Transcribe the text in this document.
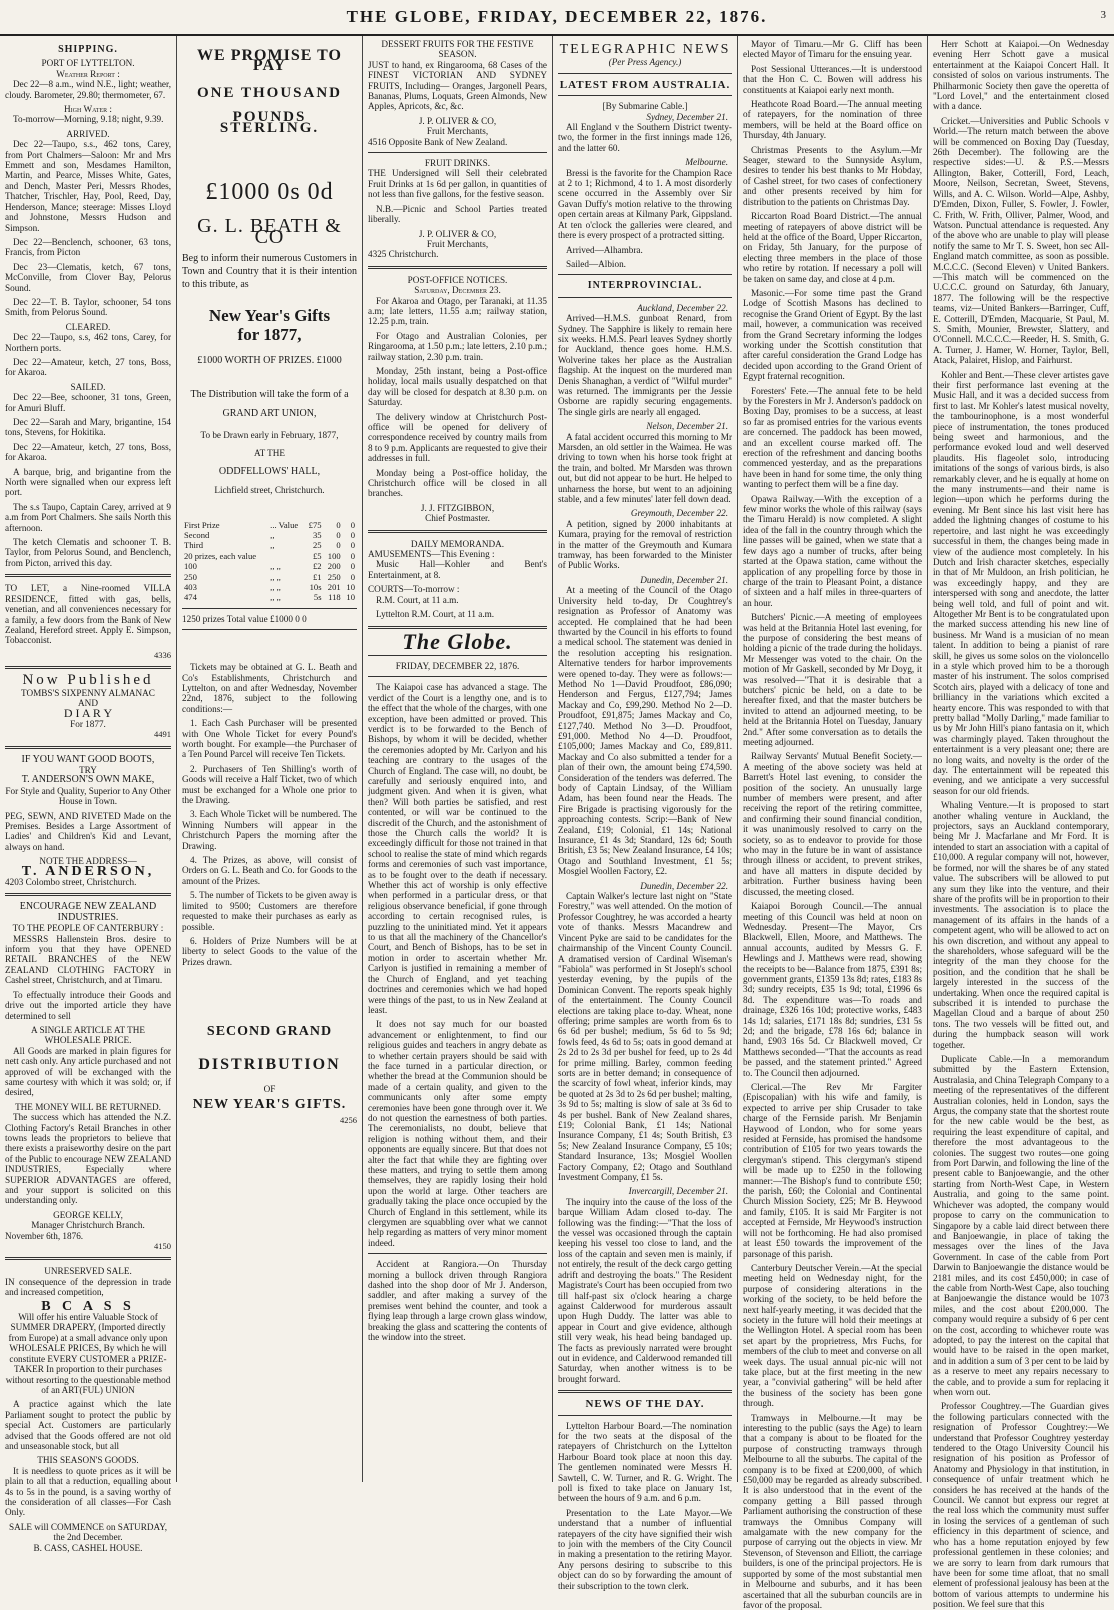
THE GLOBE, FRIDAY, DECEMBER 22, 1876.	3
SHIPPING.
PORT OF LYTTELTON.
Weather Report :

Dec 22—8 a.m., wind N.E., light; weather, cloudy. Barometer, 29.80; thermometer, 67.

High Water :

To-morrow—Morning, 9.18; night, 9.39.

ARRIVED.

Dec 22—Taupo, s.s., 462 tons, Carey, from Port Chalmers—Saloon: Mr and Mrs Emmett and son, Mesdames Hamilton, Martin, and Pearce, Misses White, Gates, and Dench, Master Peri, Messrs Rhodes, Thatcher, Trischler, Hay, Pool, Reed, Day, Henderson, Mance; steerage: Misses Lloyd and Johnstone, Messrs Hudson and Simpson.

Dec 22—Benclench, schooner, 63 tons, Francis, from Picton

Dec 23—Clematis, ketch, 67 tons, McConville, from Clover Bay, Pelorus Sound.

Dec 22—T. B. Taylor, schooner, 54 tons Smith, from Pelorus Sound.

CLEARED.

Dec 22—Taupo, s.s, 462 tons, Carey, for Northern ports.

Dec 22—Amateur, ketch, 27 tons, Boss, for Akaroa.

SAILED.

Dec 22—Bee, schooner, 31 tons, Green, for Amuri Bluff.

Dec 22—Sarah and Mary, brigantine, 154 tons, Stevens, for Hokitika.

Dec 22—Amateur, ketch, 27 tons, Boss, for Akaroa.

A barque, brig, and brigantine from the North were signalled when our express left port.

The s.s Taupo, Captain Carey, arrived at 9 a.m from Port Chalmers. She sails North this afternoon.

The ketch Clematis and schooner T. B. Taylor, from Pelorus Sound, and Benclench, from Picton, arrived this day.

TO LET, a Nine-roomed VILLA RESIDENCE, fitted with gas, bells, venetian, and all conveniences necessary for a family, a few doors from the Bank of New Zealand, Hereford street. Apply E. Simpson, Tobacconist.

4336
Now Published
TOMBS'S SIXPENNY ALMANAC
AND
D I A R Y
For 1877.
4491
IF YOU WANT GOOD BOOTS,
TRY
T. ANDERSON'S OWN MAKE,

For Style and Quality, Superior to Any Other House in Town.

PEG, SEWN, AND RIVETED Made on the Premises. Besides a Large Assortment of Ladies' and Children's Kid and Levant, always on hand.

NOTE THE ADDRESS—
T. ANDERSON,
4203 Colombo street, Christchurch.
ENCOURAGE NEW ZEALAND INDUSTRIES.
TO THE PEOPLE OF CANTERBURY :

MESSRS Hallenstein Bros. desire to inform you that they have OPENED RETAIL BRANCHES of the NEW ZEALAND CLOTHING FACTORY in Cashel street, Christchurch, and at Timaru.

To effectually introduce their Goods and drive out the imported article they have determined to sell

A SINGLE ARTICLE AT THE WHOLESALE PRICE.

All Goods are marked in plain figures for nett cash only. Any article purchased and not approved of will be exchanged with the same courtesy with which it was sold; or, if desired,

THE MONEY WILL BE RETURNED.

The success which has attended the N.Z. Clothing Factory's Retail Branches in other towns leads the proprietors to believe that there exists a praiseworthy desire on the part of the Public to encourage NEW ZEALAND INDUSTRIES, Especially where SUPERIOR ADVANTAGES are offered, and your support is solicited on this understanding only.

GEORGE KELLY,
Manager Christchurch Branch.
November 6th, 1876.
4150
UNRESERVED SALE.

IN consequence of the depression in trade and increased competition,

B C A S S

Will offer his entire Valuable Stock of SUMMER DRAPERY, (Imported directly from Europe) at a small advance only upon WHOLESALE PRICES, By which he will constitute EVERY CUSTOMER a PRIZE-TAKER In proportion to their purchases without resorting to the questionable method of an ART(FUL) UNION

A practice against which the late Parliament sought to protect the public by special Act. Customers are particularly advised that the Goods offered are not old and unseasonable stock, but all

THIS SEASON'S GOODS.

It is needless to quote prices as it will be plain to all that a reduction, equalling about 4s to 5s in the pound, is a saving worthy of the consideration of all classes—For Cash Only.

SALE will COMMENCE on SATURDAY, the 2nd December.
B. CASS, CASHEL HOUSE.
WE PROMISE TO PAY
ONE THOUSAND
POUNDS STERLING.
£1000 0s 0d
G. L. BEATH & CO

Beg to inform their numerous Customers in Town and Country that it is their intention to this tribute, as

New Year's Gifts
for 1877,
£1000 WORTH OF PRIZES. £1000

The Distribution will take the form of a

GRAND ART UNION,
To be Drawn early in February, 1877,
AT THE
ODDFELLOWS' HALL,
Lichfield street, Christchurch.
First Prize	... Value	£75	0	0
Second	,,	35	0	0
Third	,,	25	0	0
20 prizes, each value		£5	100	0
100	,, ,,	£2	200	0
250	,, ,,	£1	250	0
403	,, ,,	10s	201	10
474	,, ,,	5s	118	10
1250 prizes Total value £1000 0 0

Tickets may be obtained at G. L. Beath and Co's Establishments, Christchurch and Lyttelton, on and after Wednesday, November 22nd, 1876, subject to the following conditions:—

1. Each Cash Purchaser will be presented with One Whole Ticket for every Pound's worth bought. For example—the Purchaser of a Ten Pound Parcel will receive Ten Tickets.

2. Purchasers of Ten Shilling's worth of Goods will receive a Half Ticket, two of which must be exchanged for a Whole one prior to the Drawing.

3. Each Whole Ticket will be numbered. The Winning Numbers will appear in the Christchurch Papers the morning after the Drawing.

4. The Prizes, as above, will consist of Orders on G. L. Beath and Co. for Goods to the amount of the Prizes.

5. The number of Tickets to be given away is limited to 9500; Customers are therefore requested to make their purchases as early as possible.

6. Holders of Prize Numbers will be at liberty to select Goods to the value of the Prizes drawn.

SECOND GRAND
DISTRIBUTION
OF
NEW YEAR'S GIFTS.
4256
DESSERT FRUITS FOR THE FESTIVE SEASON.

JUST to hand, ex Ringarooma, 68 Cases of the FINEST VICTORIAN AND SYDNEY FRUITS, Including— Oranges, Jargonell Pears, Bananas, Plums, Loquats, Green Almonds, New Apples, Apricots, &c, &c.

J. P. OLIVER & CO,
Fruit Merchants,
4516 Opposite Bank of New Zealand.
FRUIT DRINKS.

THE Undersigned will Sell their celebrated Fruit Drinks at 1s 6d per gallon, in quantities of not less than five gallons, for the festive season.

N.B.—Picnic and School Parties treated liberally.

J. P. OLIVER & CO,
Fruit Merchants,
4325 Christchurch.
POST-OFFICE NOTICES.
Saturday, December 23.

For Akaroa and Otago, per Taranaki, at 11.35 a.m; late letters, 11.55 a.m; railway station, 12.25 p.m, train.

For Otago and Australian Colonies, per Ringarooma, at 1.50 p.m.; late letters, 2.10 p.m.; railway station, 2.30 p.m. train.

Monday, 25th instant, being a Post-office holiday, local mails usually despatched on that day will be closed for despatch at 8.30 p.m. on Saturday.

The delivery window at Christchurch Post-office will be opened for delivery of correspondence received by country mails from 8 to 9 p.m. Applicants are requested to give their addresses in full.

Monday being a Post-office holiday, the Christchurch office will be closed in all branches.

J. J. FITZGIBBON,
Chief Postmaster.
DAILY MEMORANDA.
AMUSEMENTS—This Evening :

Music Hall—Kohler and Bent's Entertainment, at 8.

COURTS—To-morrow :

R.M. Court, at 11 a.m.

Lyttelton R.M. Court, at 11 a.m.

The Globe.
FRIDAY, DECEMBER 22, 1876.

The Kaiapoi case has advanced a stage. The verdict of the Court is a lengthy one, and is to the effect that the whole of the charges, with one exception, have been admitted or proved. This verdict is to be forwarded to the Bench of Bishops, by whom it will be decided, whether the ceremonies adopted by Mr. Carlyon and his teaching are contrary to the usages of the Church of England. The case will, no doubt, be carefully and seriously enquired into, and judgment given. And when it is given, what then? Will both parties be satisfied, and rest contented, or will war be continued to the discredit of the Church, and the astonishment of those the Church calls the world? It is exceedingly difficult for those not trained in that school to realise the state of mind which regards forms and ceremonies of such vast importance, as to be fought over to the death if necessary. Whether this act of worship is only effective when performed in a particular dress, or that religious observance beneficial, if gone through according to certain recognised rules, is puzzling to the uninitiated mind. Yet it appears to us that all the machinery of the Chancellor's Court, and Bench of Bishops, has to be set in motion in order to ascertain whether Mr. Carlyon is justified in remaining a member of the Church of England, and yet teaching doctrines and ceremonies which we had hoped were things of the past, to us in New Zealand at least.

It does not say much for our boasted advancement or enlightenment, to find our religious guides and teachers in angry debate as to whether certain prayers should be said with the face turned in a particular direction, or whether the bread at the Communion should be made of a certain quality, and given to the communicants only after some empty ceremonies have been gone through over it. We do not question the earnestness of both parties. The ceremonialists, no doubt, believe that religion is nothing without them, and their opponents are equally sincere. But that does not alter the fact that while they are fighting over these matters, and trying to settle them among themselves, they are rapidly losing their hold upon the world at large. Other teachers are gradually taking the place once occupied by the Church of England in this settlement, while its clergymen are squabbling over what we cannot help regarding as matters of very minor moment indeed.

Accident at Rangiora.—On Thursday morning a bullock driven through Rangiora dashed into the shop door of Mr J. Anderson, saddler, and after making a survey of the premises went behind the counter, and took a flying leap through a large crown glass window, breaking the glass and scattering the contents of the window into the street.

TELEGRAPHIC NEWS
(Per Press Agency.)
LATEST FROM AUSTRALIA.
[By Submarine Cable.]
Sydney, December 21.

All England v the Southern District twenty-two, the former in the first innings made 126, and the latter 60.

Melbourne.

Bressi is the favorite for the Champion Race at 2 to 1; Richmond, 4 to 1. A most disorderly scene occurred in the Assembly over Sir Gavan Duffy's motion relative to the throwing open certain areas at Kilmany Park, Gippsland. At ten o'clock the galleries were cleared, and there is every prospect of a protracted sitting.

Arrived—Alhambra.

Sailed—Albion.

INTERPROVINCIAL.
Auckland, December 22.

Arrived—H.M.S. gunboat Renard, from Sydney. The Sapphire is likely to remain here six weeks. H.M.S. Pearl leaves Sydney shortly for Auckland, thence goes home. H.M.S. Wolverine takes her place as the Australian flagship. At the inquest on the murdered man Denis Shanaghan, a verdict of "Wilful murder" was returned. The immigrants per the Jessie Osborne are rapidly securing engagements. The single girls are nearly all engaged.

Nelson, December 21.

A fatal accident occurred this morning to Mr Marsden, an old settler in the Waimea. He was driving to town when his horse took fright at the train, and bolted. Mr Marsden was thrown out, but did not appear to be hurt. He helped to unharness the horse, but went to an adjoining stable, and a few minutes' later fell down dead.

Greymouth, December 22.

A petition, signed by 2000 inhabitants at Kumara, praying for the removal of restriction in the matter of the Greymouth and Kumara tramway, has been forwarded to the Minister of Public Works.

Dunedin, December 21.

At a meeting of the Council of the Otago University held to-day, Dr Coughtrey's resignation as Professor of Anatomy was accepted. He complained that he had been thwarted by the Council in his efforts to found a medical school. The statement was denied in the resolution accepting his resignation. Alternative tenders for harbor improvements were opened to-day. They were as follows:—Method No 1—David Proudfoot, £86,090; Henderson and Fergus, £127,794; James Mackay and Co, £99,290. Method No 2—D. Proudfoot, £91,875; James Mackay and Co, £127,740. Method No 3—D. Proudfoot, £91,000. Method No 4—D. Proudfoot, £105,000; James Mackay and Co, £89,811. Mackay and Co also submitted a tender for a plan of their own, the amount being £74,590. Consideration of the tenders was deferred. The body of Captain Lindsay, of the William Adam, has been found near the Heads. The Fire Brigade is practising vigorously for the approaching contests. Scrip:—Bank of New Zealand, £19; Colonial, £1 14s; National Insurance, £1 4s 3d; Standard, 12s 6d; South British, £3 5s; New Zealand Insurance, £4 10s; Otago and Southland Investment, £1 5s; Mosgiel Woollen Factory, £2.

Dunedin, December 22.

Captain Walker's lecture last night on "State Forestry," was well attended. On the motion of Professor Coughtrey, he was accorded a hearty vote of thanks. Messrs Macandrew and Vincent Pyke are said to be candidates for the chairmanship of the Vincent County Council. A dramatised version of Cardinal Wiseman's "Fabiola" was performed in St Joseph's school yesterday evening, by the pupils of the Dominican Convent. The reports speak highly of the entertainment. The County Council elections are taking place to-day. Wheat, none offering; prime samples are worth from 6s to 6s 6d per bushel; medium, 5s 6d to 5s 9d; fowls feed, 4s 6d to 5s; oats in good demand at 2s 2d to 2s 3d per bushel for feed, up to 2s 4d for prime milling. Barley, common feeding sorts are in better demand; in consequence of the scarcity of fowl wheat, inferior kinds, may be quoted at 2s 3d to 2s 6d per bushel; malting, 3s 9d to 5s; malting is slow of sale at 3s 6d to 4s per bushel. Bank of New Zealand shares, £19; Colonial Bank, £1 14s; National Insurance Company, £1 4s; South British, £3 5s; New Zealand Insurance Company, £5 10s; Standard Insurance, 13s; Mosgiel Woollen Factory Company, £2; Otago and Southland Investment Company, £1 5s.

Invercargill, December 21.

The inquiry into the cause of the loss of the barque William Adam closed to-day. The following was the finding:—"That the loss of the vessel was occasioned through the captain keeping his vessel too close to land, and the loss of the captain and seven men is mainly, if not entirely, the result of the deck cargo getting adrift and destroying the boats." The Resident Magistrate's Court has been occupied from two till half-past six o'clock hearing a charge against Calderwood for murderous assault upon Hugh Duddy. The latter was able to appear in Court and give evidence, although still very weak, his head being bandaged up. The facts as previously narrated were brought out in evidence, and Calderwood remanded till Saturday, when another witness is to be brought forward.

NEWS OF THE DAY.

Lyttelton Harbour Board.—The nomination for the two seats at the disposal of the ratepayers of Christchurch on the Lyttelton Harbour Board took place at noon this day. The gentlemen nominated were Messrs H. Sawtell, C. W. Turner, and R. G. Wright. The poll is fixed to take place on January 1st, between the hours of 9 a.m. and 6 p.m.

Presentation to the Late Mayor.—We understand that a number of influential ratepayers of the city have signified their wish to join with the members of the City Council in making a presentation to the retiring Mayor. Any persons desiring to subscribe to this object can do so by forwarding the amount of their subscription to the town clerk.

Mayor of Timaru.—Mr G. Cliff has been elected Mayor of Timaru for the ensuing year.

Post Sessional Utterances.—It is understood that the Hon C. C. Bowen will address his constituents at Kaiapoi early next month.

Heathcote Road Board.—The annual meeting of ratepayers, for the nomination of three members, will be held at the Board office on Thursday, 4th January.

Christmas Presents to the Asylum.—Mr Seager, steward to the Sunnyside Asylum, desires to tender his best thanks to Mr Hobday, of Cashel street, for two cases of confectionery and other presents received by him for distribution to the patients on Christmas Day.

Riccarton Road Board District.—The annual meeting of ratepayers of above district will be held at the office of the Board, Upper Riccarton, on Friday, 5th January, for the purpose of electing three members in the place of those who retire by rotation. If necessary a poll will be taken on same day, and close at 4 p.m.

Masonic.—For some time past the Grand Lodge of Scottish Masons has declined to recognise the Grand Orient of Egypt. By the last mail, however, a communication was received from the Grand Secretary informing the lodges working under the Scottish constitution that after careful consideration the Grand Lodge has decided upon according to the Grand Orient of Egypt fraternal recognition.

Foresters' Fete.—The annual fete to be held by the Foresters in Mr J. Anderson's paddock on Boxing Day, promises to be a success, at least so far as promised entries for the various events are concerned. The paddock has been mowed, and an excellent course marked off. The erection of the refreshment and dancing booths commenced yesterday, and as the preparations have been in hand for some time, the only thing wanting to perfect them will be a fine day.

Opawa Railway.—With the exception of a few minor works the whole of this railway (says the Timaru Herald) is now completed. A slight idea of the fall in the country through which the line passes will be gained, when we state that a few days ago a number of trucks, after being started at the Opawa station, came without the application of any propelling force by those in charge of the train to Pleasant Point, a distance of sixteen and a half miles in three-quarters of an hour.

Butchers' Picnic.—A meeting of employees was held at the Britannia Hotel last evening, for the purpose of considering the best means of holding a picnic of the trade during the holidays. Mr Messenger was voted to the chair. On the motion of Mr Gaskell, seconded by Mr Doyg, it was resolved—"That it is desirable that a butchers' picnic be held, on a date to be hereafter fixed, and that the master butchers be invited to attend an adjourned meeting, to be held at the Britannia Hotel on Tuesday, January 2nd." After some conversation as to details the meeting adjourned.

Railway Servants' Mutual Benefit Society.—A meeting of the above society was held at Barrett's Hotel last evening, to consider the position of the society. An unusually large number of members were present, and after receiving the report of the retiring committee, and confirming their sound financial condition, it was unanimously resolved to carry on the society, so as to endeavor to provide for those who may in the future be in want of assistance through illness or accident, to prevent strikes, and have all matters in dispute decided by arbitration. Further business having been discussed, the meeting closed.

Kaiapoi Borough Council.—The annual meeting of this Council was held at noon on Wednesday. Present—The Mayor, Crs Blackwell, Ellen, Moore, and Matthews. The annual accounts, audited by Messrs G. F. Hewlings and J. Matthews were read, showing the receipts to be—Balance from 1875, £391 8s; government grants, £1359 13s 8d; rates, £183 8s 3d; sundry receipts, £35 1s 9d; total, £1996 6s 8d. The expenditure was—To roads and drainage, £326 16s 10d; protective works, £483 14s 1d; salaries, £171 18s 8d; sundries, £31 5s 2d; and the brigade, £78 16s 6d; balance in hand, £903 16s 5d. Cr Blackwell moved, Cr Matthews seconded—"That the accounts as read be passed, and the statement printed." Agreed to. The Council then adjourned.

Clerical.—The Rev Mr Fargiter (Episcopalian) with his wife and family, is expected to arrive per ship Crusader to take charge of the Fernside parish. Mr Benjamin Haywood of London, who for some years resided at Fernside, has promised the handsome contribution of £105 for two years towards the clergyman's stipend. This clergyman's stipend will be made up to £250 in the following manner:—The Bishop's fund to contribute £50; the parish, £60; the Colonial and Continental Church Mission Society, £25; Mr B. Heywood and family, £105. It is said Mr Fargiter is not accepted at Fernside, Mr Heywood's instruction will not be forthcoming. He had also promised at least £50 towards the improvement of the parsonage of this parish.

Canterbury Deutscher Verein.—At the special meeting held on Wednesday night, for the purpose of considering alterations in the working of the society, to be held before the next half-yearly meeting, it was decided that the society in the future will hold their meetings at the Wellington Hotel. A special room has been set apart by the proprietress, Mrs Fuchs, for members of the club to meet and converse on all week days. The usual annual pic-nic will not take place, but at the first meeting in the new year, a "convivial gathering" will be held after the business of the society has been gone through.

Tramways in Melbourne.—It may be interesting to the public (says the Age) to learn that a company is about to be floated for the purpose of constructing tramways through Melbourne to all the suburbs. The capital of the company is to be fixed at £200,000, of which £50,000 may be regarded as already subscribed. It is also understood that in the event of the company getting a Bill passed through Parliament authorising the construction of these tramways the Omnibus Company will amalgamate with the new company for the purpose of carrying out the objects in view. Mr Stevenson, of Stevenson and Elliott, the carriage builders, is one of the principal projectors. He is supported by some of the most substantial men in Melbourne and suburbs, and it has been ascertained that all the suburban councils are in favor of the proposal.

Herr Schott at Kaiapoi.—On Wednesday evening Herr Schott gave a musical entertainment at the Kaiapoi Concert Hall. It consisted of solos on various instruments. The Philharmonic Society then gave the operetta of "Lord Lovel," and the entertainment closed with a dance.

Cricket.—Universities and Public Schools v World.—The return match between the above will be commenced on Boxing Day (Tuesday, 26th December). The following are the respective sides:—U. & P.S.—Messrs Allington, Baker, Cotterill, Ford, Leach, Moore, Neilson, Secretan, Sweet, Stevens, Wills, and A. C. Wilson. World—Alpe, Ashby, D'Emden, Dixon, Fuller, S. Fowler, J. Fowler, C. Frith, W. Frith, Olliver, Palmer, Wood, and Watson. Punctual attendance is requested. Any of the above who are unable to play will please notify the same to Mr T. S. Sweet, hon sec All-England match committee, as soon as possible. M.C.C.C. (Second Eleven) v United Bankers.—This match will be commenced on the U.C.C.C. ground on Saturday, 6th January, 1877. The following will be the respective teams, viz—United Bankers—Barringer, Cuff, E. Cotterill, D'Emden, Macquarie, St Paul, M. S. Smith, Mounier, Brewster, Slattery, and O'Connell. M.C.C.C.—Reeder, H. S. Smith, G. A. Turner, J. Hamer, W. Horner, Taylor, Bell, Atack, Palairet, Hislop, and Fairhurst.

Kohler and Bent.—These clever artistes gave their first performance last evening at the Music Hall, and it was a decided success from first to last. Mr Kohler's latest musical novelty, the tambourinophone, is a most wonderful piece of instrumentation, the tones produced being sweet and harmonious, and the performance evoked loud and well deserved plaudits. His flageolet solo, introducing imitations of the songs of various birds, is also remarkably clever, and he is equally at home on the many instruments—and their name is legion—upon which he performs during the evening. Mr Bent since his last visit here has added the lightning changes of costume to his repertoire, and last night he was exceedingly successful in them, the changes being made in view of the audience most completely. In his Dutch and Irish character sketches, especially in that of Mr Muldoon, an Irish politician, he was exceedingly happy, and they are interspersed with song and anecdote, the latter being well told, and full of point and wit. Altogether Mr Bent is to be congratulated upon the marked success attending his new line of business. Mr Wand is a musician of no mean talent. In addition to being a pianist of rare skill, he gives us some solos on the violoncello in a style which proved him to be a thorough master of his instrument. The solos comprised Scotch airs, played with a delicacy of tone and brilliancy in the variations which excited a hearty encore. This was responded to with that pretty ballad "Molly Darling," made familiar to us by Mr John Hill's piano fantasia on it, which was charmingly played. Taken throughout the entertainment is a very pleasant one; there are no long waits, and novelty is the order of the day. The entertainment will be repeated this evening, and we anticipate a very successful season for our old friends.

Whaling Venture.—It is proposed to start another whaling venture in Auckland, the projectors, says an Auckland contemporary, being Mr J. Macfarlane and Mr Ford. It is intended to start an association with a capital of £10,000. A regular company will not, however, be formed, nor will the shares be of any stated value. The subscribers will be allowed to put any sum they like into the venture, and their share of the profits will be in proportion to their investments. The association is to place the management of its affairs in the hands of a competent agent, who will be allowed to act on his own discretion, and without any appeal to the shareholders, whose safeguard will be the integrity of the man they choose for the position, and the condition that he shall be largely interested in the success of the undertaking. When once the required capital is subscribed it is intended to purchase the Magellan Cloud and a barque of about 250 tons. The two vessels will be fitted out, and during the humpback season will work together.

Duplicate Cable.—In a memorandum submitted by the Eastern Extension, Australasia, and China Telegraph Company to a meeting of the representatives of the different Australian colonies, held in London, says the Argus, the company state that the shortest route for the new cable would be the best, as requiring the least expenditure of capital, and therefore the most advantageous to the colonies. The suggest two routes—one going from Port Darwin, and following the line of the present cable to Banjoewangie, and the other starting from North-West Cape, in Western Australia, and going to the same point. Whichever was adopted, the company would propose to carry on the communication to Singapore by a cable laid direct between there and Banjoewangie, in place of taking the messages over the lines of the Java Government. In case of the cable from Port Darwin to Banjoewangie the distance would be 2181 miles, and its cost £450,000; in case of the cable from North-West Cape, also touching at Banjoewangie the distance would be 1073 miles, and the cost about £200,000. The company would require a subsidy of 6 per cent on the cost, according to whichever route was adopted, to pay the interest on the capital that would have to be raised in the open market, and in addition a sum of 3 per cent to be laid by as a reserve to meet any repairs necessary to the cable, and to provide a sum for replacing it when worn out.

Professor Coughtrey.—The Guardian gives the following particulars connected with the resignation of Professor Coughtrey:—We understand that Professor Coughtrey yesterday tendered to the Otago University Council his resignation of his position as Professor of Anatomy and Physiology in that institution, in consequence of unfair treatment which he considers he has received at the hands of the Council. We cannot but express our regret at the real loss which the community must suffer in losing the services of a gentleman of such efficiency in this department of science, and who has a home reputation enjoyed by few professional gentlemen in these colonies; and we are sorry to learn from dark rumours that have been for some time afloat, that no small element of professional jealousy has been at the bottom of various attempts to undermine his position. We feel sure that this
